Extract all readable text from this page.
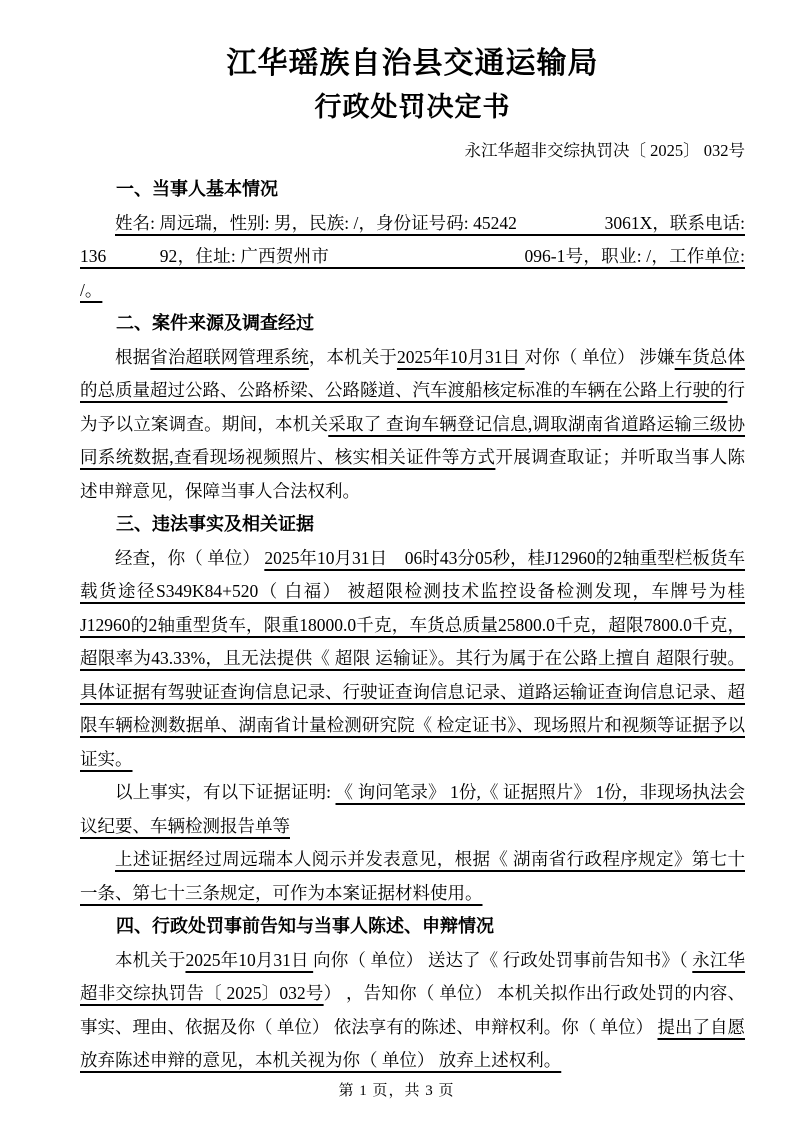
江华瑶族自治县交通运输局
行政处罚决定书
永江华超非交综执罚决〔 2025〕 032号
一、当事人基本情况

姓名: 周远瑞，性别: 男，民族: /，身份证号码: 45242　　　　　3061X，联系电话: 136　　　92，住址: 广西贺州市　　　　　　　　　　　096-1号，职业: /，工作单位: /。

二、案件来源及调查经过

根据省治超联网管理系统，本机关于2025年10月31日 对你（ 单位） 涉嫌车货总体的总质量超过公路、公路桥梁、公路隧道、汽车渡船核定标准的车辆在公路上行驶的行为予以立案调查。期间，本机关采取了 查询车辆登记信息,调取湖南省道路运输三级协同系统数据,查看现场视频照片、核实相关证件等方式开展调查取证；并听取当事人陈述申辩意见，保障当事人合法权利。

三、违法事实及相关证据

经查，你（ 单位） 2025年10月31日　06时43分05秒，桂J12960的2轴重型栏板货车载货途径S349K84+520（ 白福） 被超限检测技术监控设备检测发现，车牌号为桂J12960的2轴重型货车，限重18000.0千克，车货总质量25800.0千克，超限7800.0千克，超限率为43.33%，且无法提供《 超限 运输证》。其行为属于在公路上擅自 超限行驶。具体证据有驾驶证查询信息记录、行驶证查询信息记录、道路运输证查询信息记录、超限车辆检测数据单、湖南省计量检测研究院《 检定证书》、现场照片和视频等证据予以证实。

以上事实，有以下证据证明: 《 询问笔录》 1份,《 证据照片》 1份，非现场执法会议纪要、车辆检测报告单等

上述证据经过周远瑞本人阅示并发表意见，根据《 湖南省行政程序规定》第七十一条、第七十三条规定，可作为本案证据材料使用。

四、行政处罚事前告知与当事人陈述、申辩情况

本机关于2025年10月31日 向你（ 单位） 送达了《 行政处罚事前告知书》（ 永江华超非交综执罚告〔 2025〕032号） ，告知你（ 单位） 本机关拟作出行政处罚的内容、事实、理由、依据及你（ 单位） 依法享有的陈述、申辩权利。你（ 单位） 提出了自愿放弃陈述申辩的意见，本机关视为你（ 单位） 放弃上述权利。

第 1 页，共 3 页
